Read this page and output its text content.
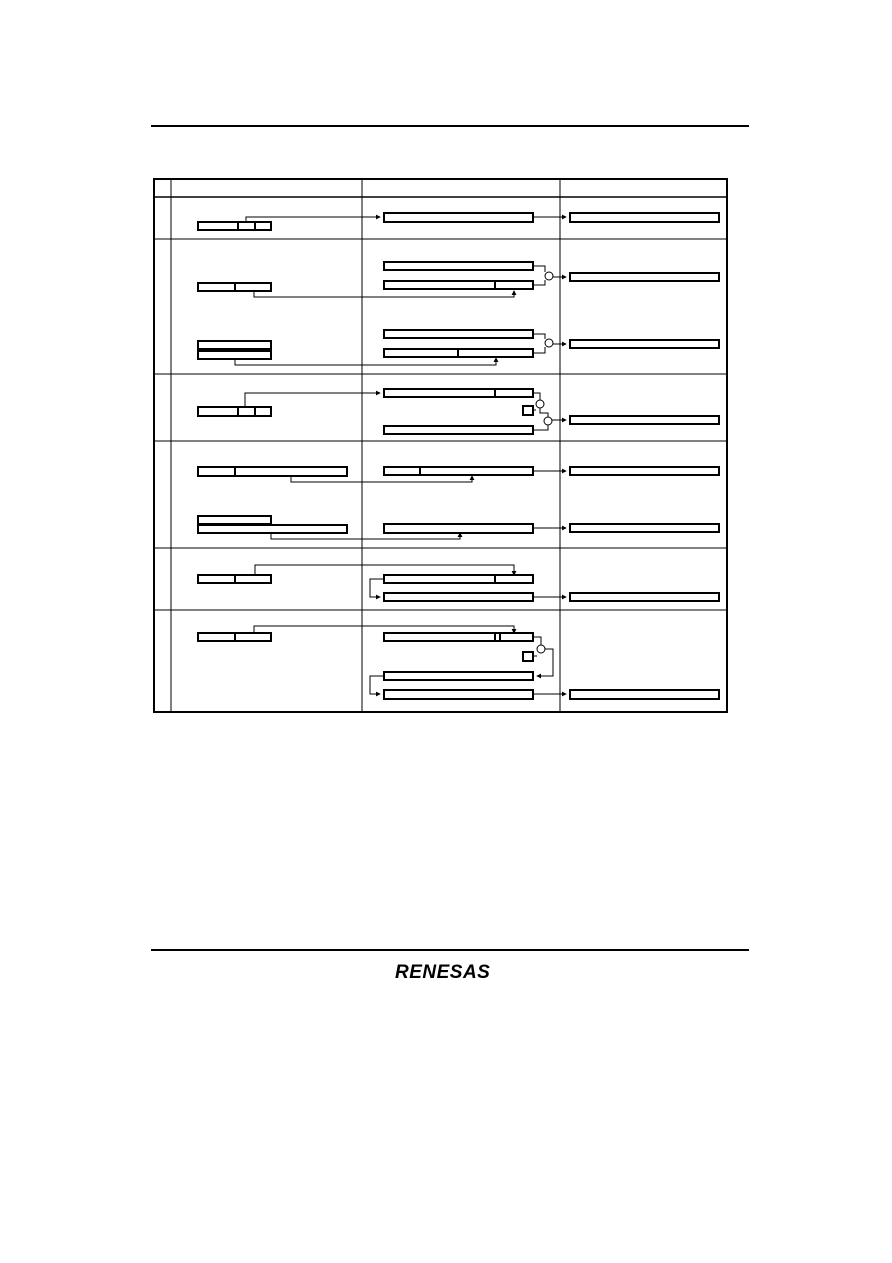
RENESAS
